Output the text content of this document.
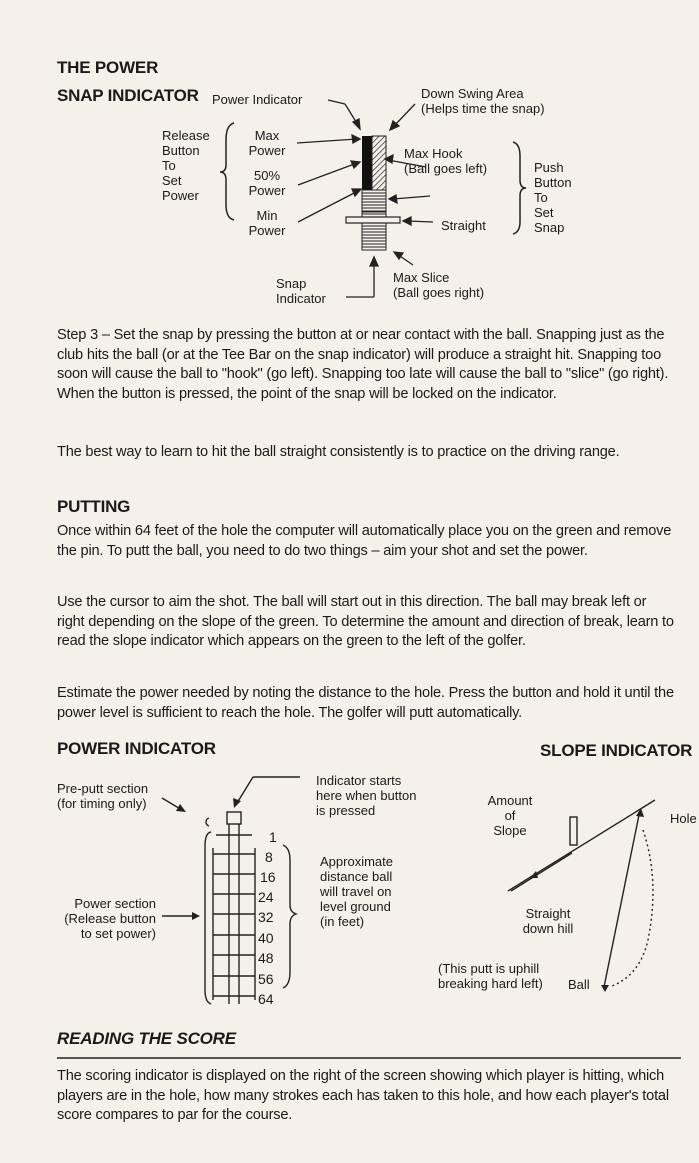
THE POWER
SNAP INDICATOR Power Indicator	Down Swing Area
(Helps time the snap)
Release
Button
To
Set
Power
Max
Power
50%
Power
Min
Power
Max Hook
(Ball goes left)
Straight
Push
Button
To
Set
Snap
Snap
Indicator
Max Slice
(Ball goes right)

Step 3 – Set the snap by pressing the button at or near contact with the ball. Snapping just as the club hits the ball (or at the Tee Bar on the snap indicator) will produce a straight hit. Snapping too soon will cause the ball to "hook" (go left). Snapping too late will cause the ball to "slice" (go right). When the button is pressed, the point of the snap will be locked on the indicator.

The best way to learn to hit the ball straight consistently is to practice on the driving range.

PUTTING

Once within 64 feet of the hole the computer will automatically place you on the green and remove the pin. To putt the ball, you need to do two things – aim your shot and set the power.

Use the cursor to aim the shot. The ball will start out in this direction. The ball may break left or right depending on the slope of the green. To determine the amount and direction of break, learn to read the slope indicator which appears on the green to the left of the golfer.

Estimate the power needed by noting the distance to the hole. Press the button and hold it until the power level is sufficient to reach the hole. The golfer will putt automatically.

POWER INDICATOR
Pre-putt section
(for timing only)
Indicator starts
here when button
is pressed
Power section
(Release button
to set power)
Approximate
distance ball
will travel on
level ground
(in feet)
1
8
16
24
32
40
48
56
64
SLOPE INDICATOR
Amount
of
Slope
Hole
Straight
down hill
(This putt is uphill
breaking hard left) Ball
READING THE SCORE

The scoring indicator is displayed on the right of the screen showing which player is hitting, which players are in the hole, how many strokes each has taken to this hole, and how each player's total score compares to par for the course.
